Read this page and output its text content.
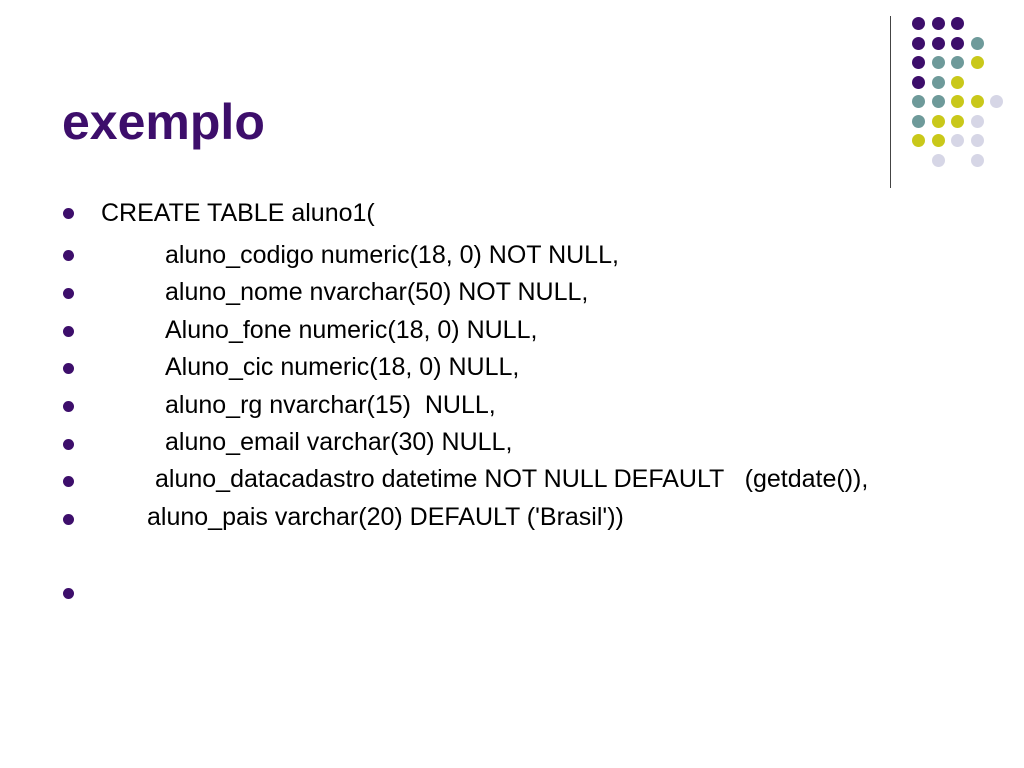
exemplo
CREATE TABLE aluno1(
aluno_codigo numeric(18, 0) NOT NULL,
aluno_nome nvarchar(50) NOT NULL,
Aluno_fone numeric(18, 0) NULL,
Aluno_cic numeric(18, 0) NULL,
aluno_rg nvarchar(15)  NULL,
aluno_email varchar(30) NULL,
aluno_datacadastro datetime NOT NULL DEFAULT   (getdate()),
aluno_pais varchar(20) DEFAULT ('Brasil'))
